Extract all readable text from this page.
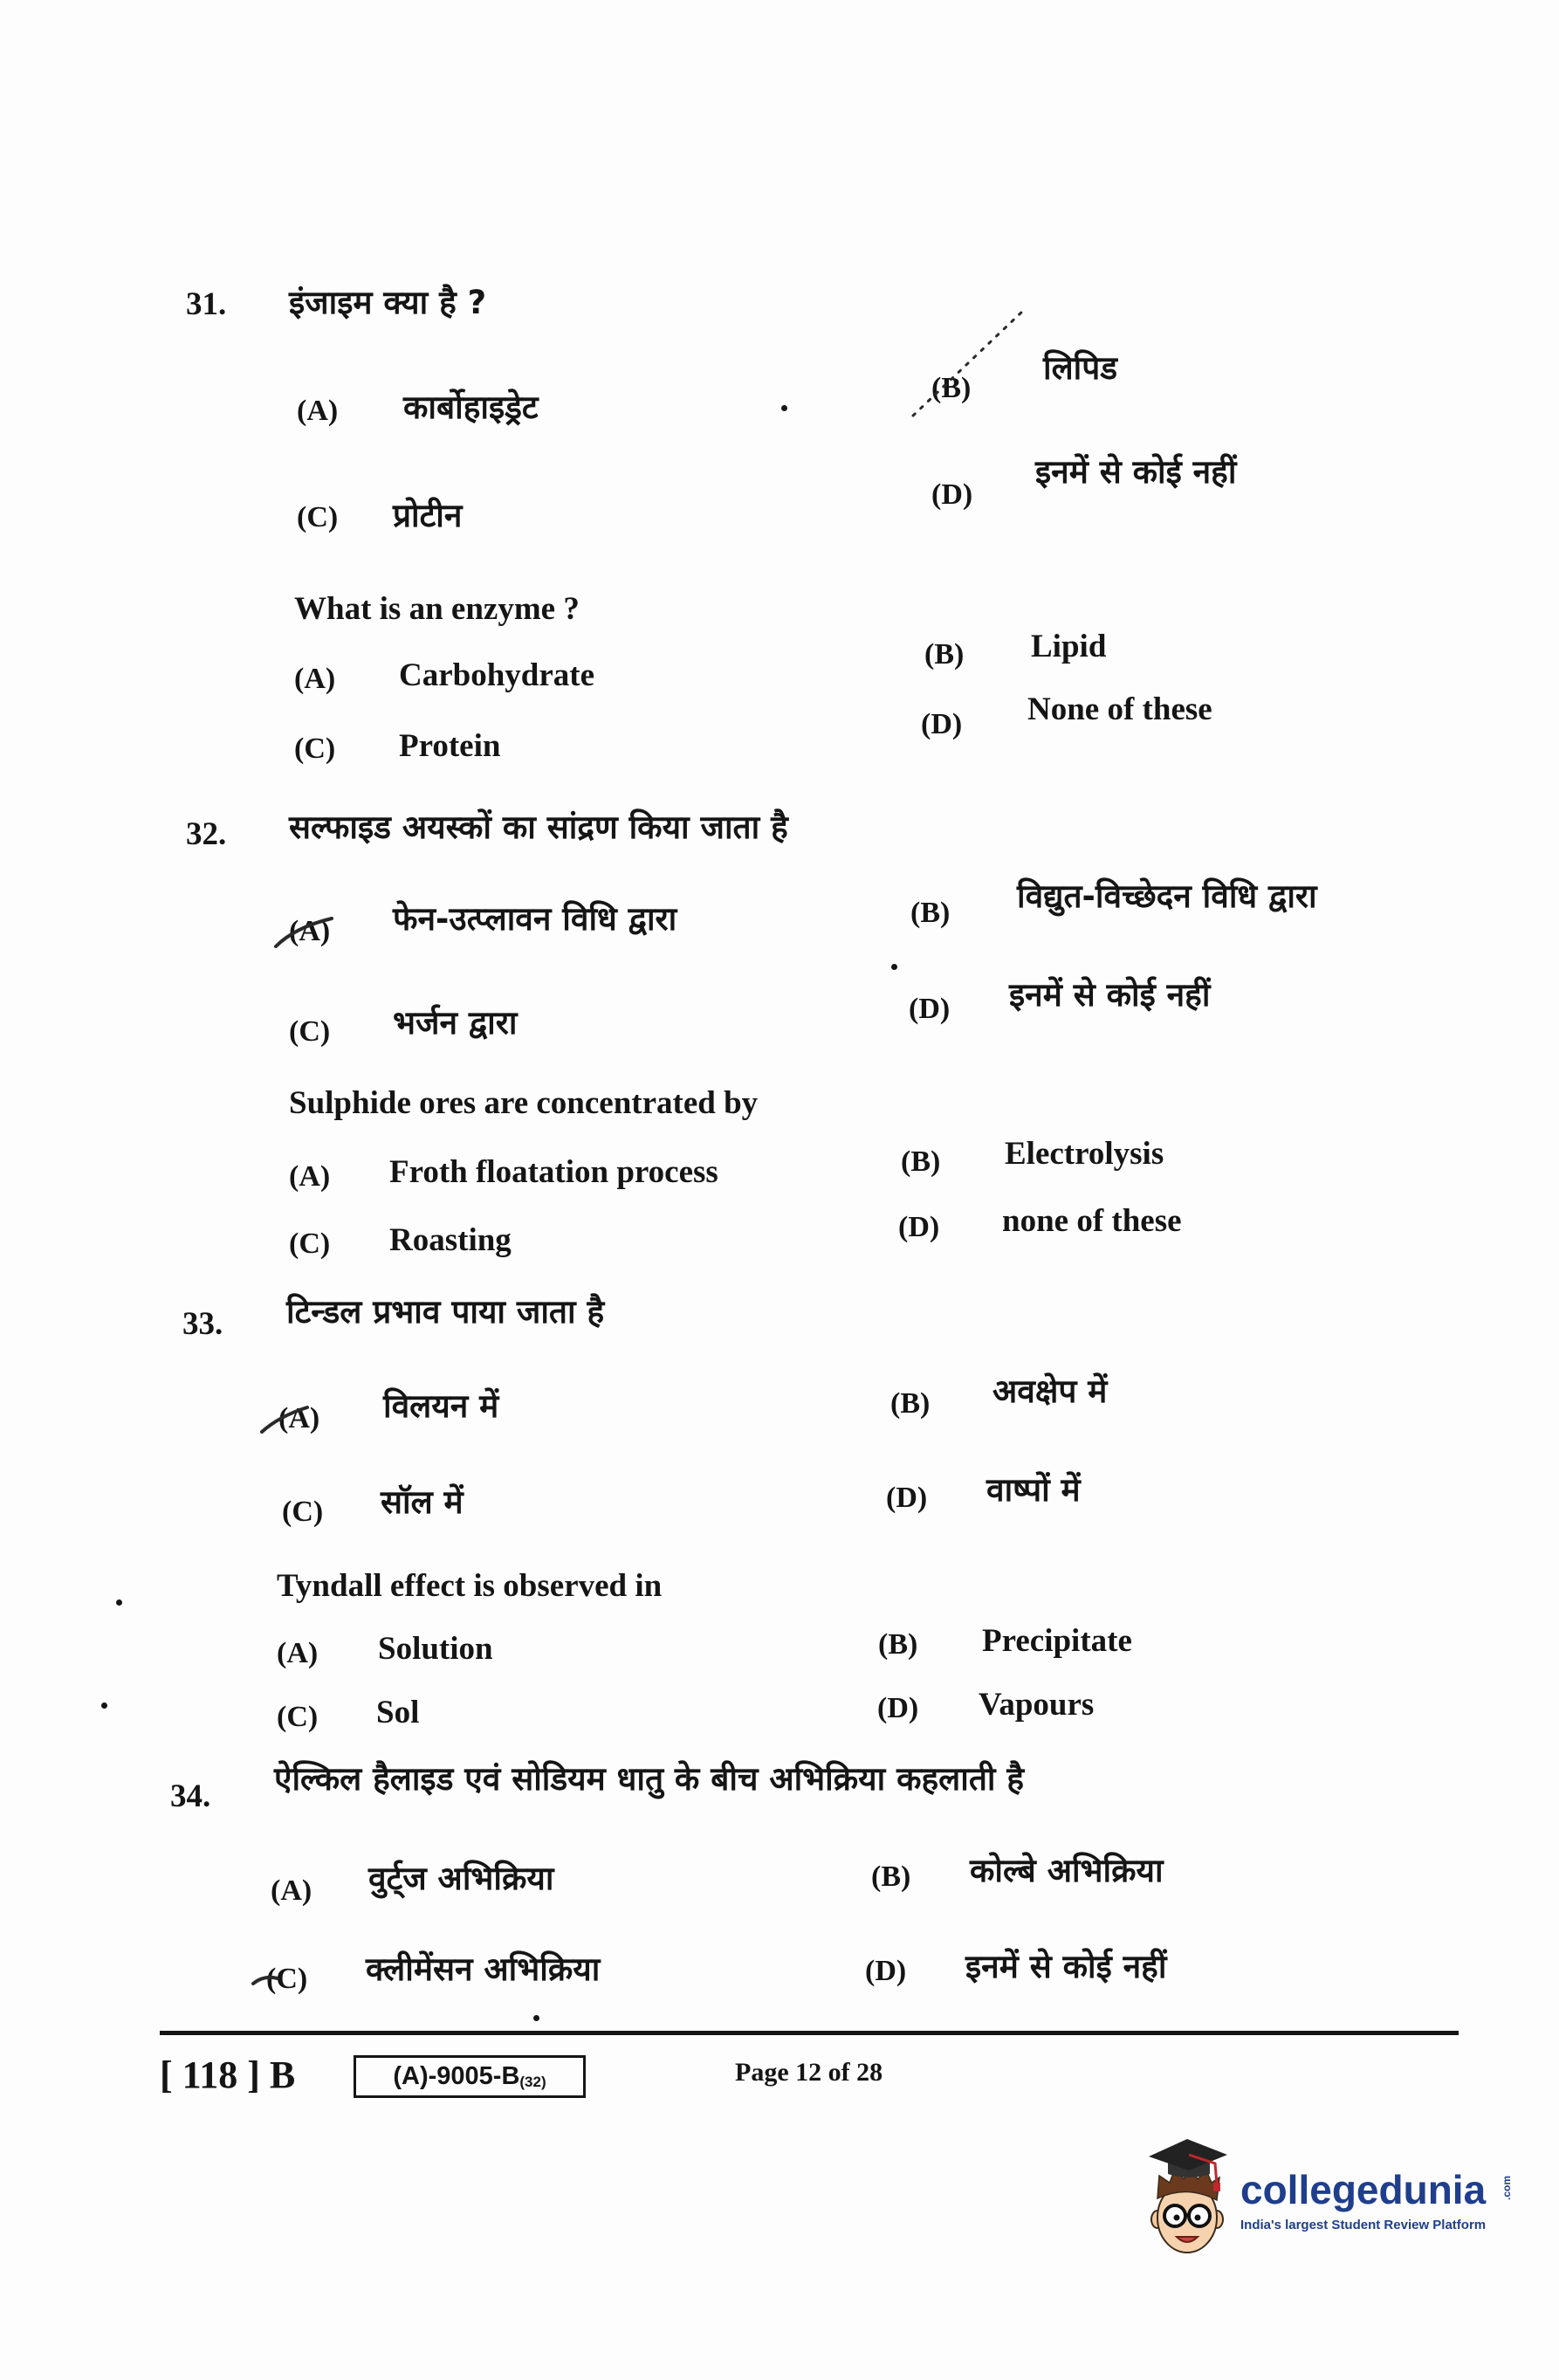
31. इंजाइम क्या है ?
(A) कार्बोहाइड्रेट
(B)
लिपिड
(C) प्रोटीन
(D)
इनमें से कोई नहीं
What is an enzyme ?
(A) Carbohydrate
(B) Lipid
(C) Protein
(D) None of these
32. सल्फाइड अयस्कों का सांद्रण किया जाता है
(A) फेन-उत्प्लावन विधि द्वारा	(B) विद्युत-विच्छेदन विधि द्वारा
(C) भर्जन द्वारा	(D) इनमें से कोई नहीं
Sulphide ores are concentrated by
(A) Froth floatation process	(B) Electrolysis
(C) Roasting	(D) none of these
33. टिन्डल प्रभाव पाया जाता है
(A) विलयन में	(B) अवक्षेप में
(C) सॉल में	(D) वाष्पों में
Tyndall effect is observed in
(A) Solution	(B) Precipitate
(C) Sol	(D) Vapours
34. ऐल्किल हैलाइड एवं सोडियम धातु के बीच अभिक्रिया कहलाती है
(A) वुर्ट्ज अभिक्रिया	(B) कोल्बे अभिक्रिया
(C) क्लीमेंसन अभिक्रिया	(D) इनमें से कोई नहीं
[ 118 ] B	(A)-9005-B (32)	Page 12 of 28
collegedunia .com
India's largest Student Review Platform
